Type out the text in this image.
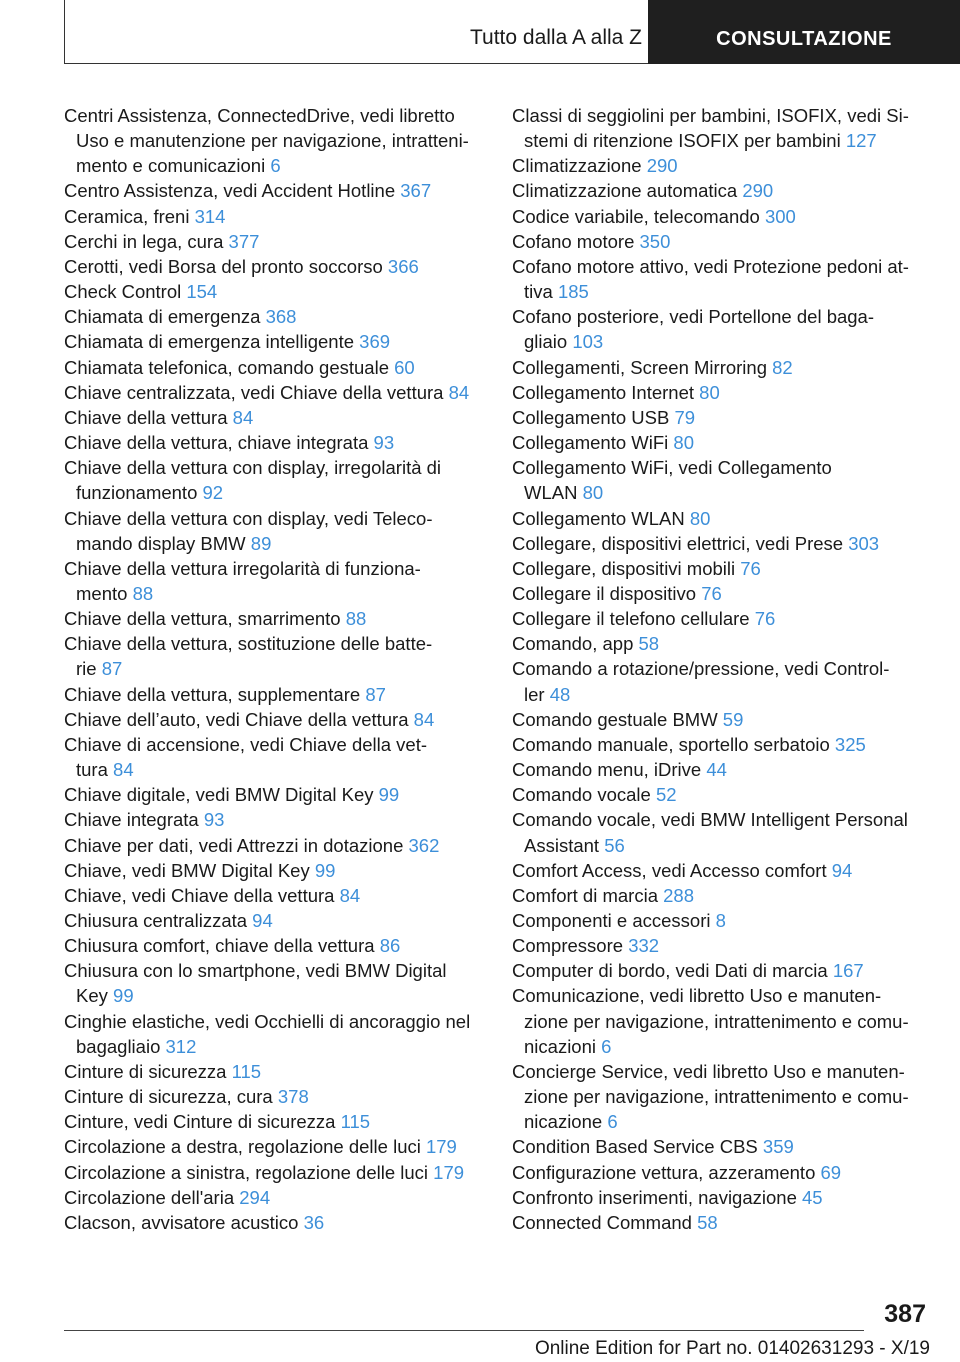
Tutto dalla A alla Z	CONSULTAZIONE
Centri Assistenza, ConnectedDrive, vedi libretto
Uso e manutenzione per navigazione, intratteni-
mento e comunicazioni 6
Centro Assistenza, vedi Accident Hotline 367
Ceramica, freni 314
Cerchi in lega, cura 377
Cerotti, vedi Borsa del pronto soccorso 366
Check Control 154
Chiamata di emergenza 368
Chiamata di emergenza intelligente 369
Chiamata telefonica, comando gestuale 60
Chiave centralizzata, vedi Chiave della vettura 84
Chiave della vettura 84
Chiave della vettura, chiave integrata 93
Chiave della vettura con display, irregolarità di
funzionamento 92
Chiave della vettura con display, vedi Teleco-
mando display BMW 89
Chiave della vettura irregolarità di funziona-
mento 88
Chiave della vettura, smarrimento 88
Chiave della vettura, sostituzione delle batte-
rie 87
Chiave della vettura, supplementare 87
Chiave dell’auto, vedi Chiave della vettura 84
Chiave di accensione, vedi Chiave della vet-
tura 84
Chiave digitale, vedi BMW Digital Key 99
Chiave integrata 93
Chiave per dati, vedi Attrezzi in dotazione 362
Chiave, vedi BMW Digital Key 99
Chiave, vedi Chiave della vettura 84
Chiusura centralizzata 94
Chiusura comfort, chiave della vettura 86
Chiusura con lo smartphone, vedi BMW Digital
Key 99
Cinghie elastiche, vedi Occhielli di ancoraggio nel
bagagliaio 312
Cinture di sicurezza 115
Cinture di sicurezza, cura 378
Cinture, vedi Cinture di sicurezza 115
Circolazione a destra, regolazione delle luci 179
Circolazione a sinistra, regolazione delle luci 179
Circolazione dell'aria 294
Clacson, avvisatore acustico 36
Classi di seggiolini per bambini, ISOFIX, vedi Si-
stemi di ritenzione ISOFIX per bambini 127
Climatizzazione 290
Climatizzazione automatica 290
Codice variabile, telecomando 300
Cofano motore 350
Cofano motore attivo, vedi Protezione pedoni at-
tiva 185
Cofano posteriore, vedi Portellone del baga-
gliaio 103
Collegamenti, Screen Mirroring 82
Collegamento Internet 80
Collegamento USB 79
Collegamento WiFi 80
Collegamento WiFi, vedi Collegamento
WLAN 80
Collegamento WLAN 80
Collegare, dispositivi elettrici, vedi Prese 303
Collegare, dispositivi mobili 76
Collegare il dispositivo 76
Collegare il telefono cellulare 76
Comando, app 58
Comando a rotazione/pressione, vedi Control-
ler 48
Comando gestuale BMW 59
Comando manuale, sportello serbatoio 325
Comando menu, iDrive 44
Comando vocale 52
Comando vocale, vedi BMW Intelligent Personal
Assistant 56
Comfort Access, vedi Accesso comfort 94
Comfort di marcia 288
Componenti e accessori 8
Compressore 332
Computer di bordo, vedi Dati di marcia 167
Comunicazione, vedi libretto Uso e manuten-
zione per navigazione, intrattenimento e comu-
nicazioni 6
Concierge Service, vedi libretto Uso e manuten-
zione per navigazione, intrattenimento e comu-
nicazione 6
Condition Based Service CBS 359
Configurazione vettura, azzeramento 69
Confronto inserimenti, navigazione 45
Connected Command 58
387
Online Edition for Part no. 01402631293 - X/19
